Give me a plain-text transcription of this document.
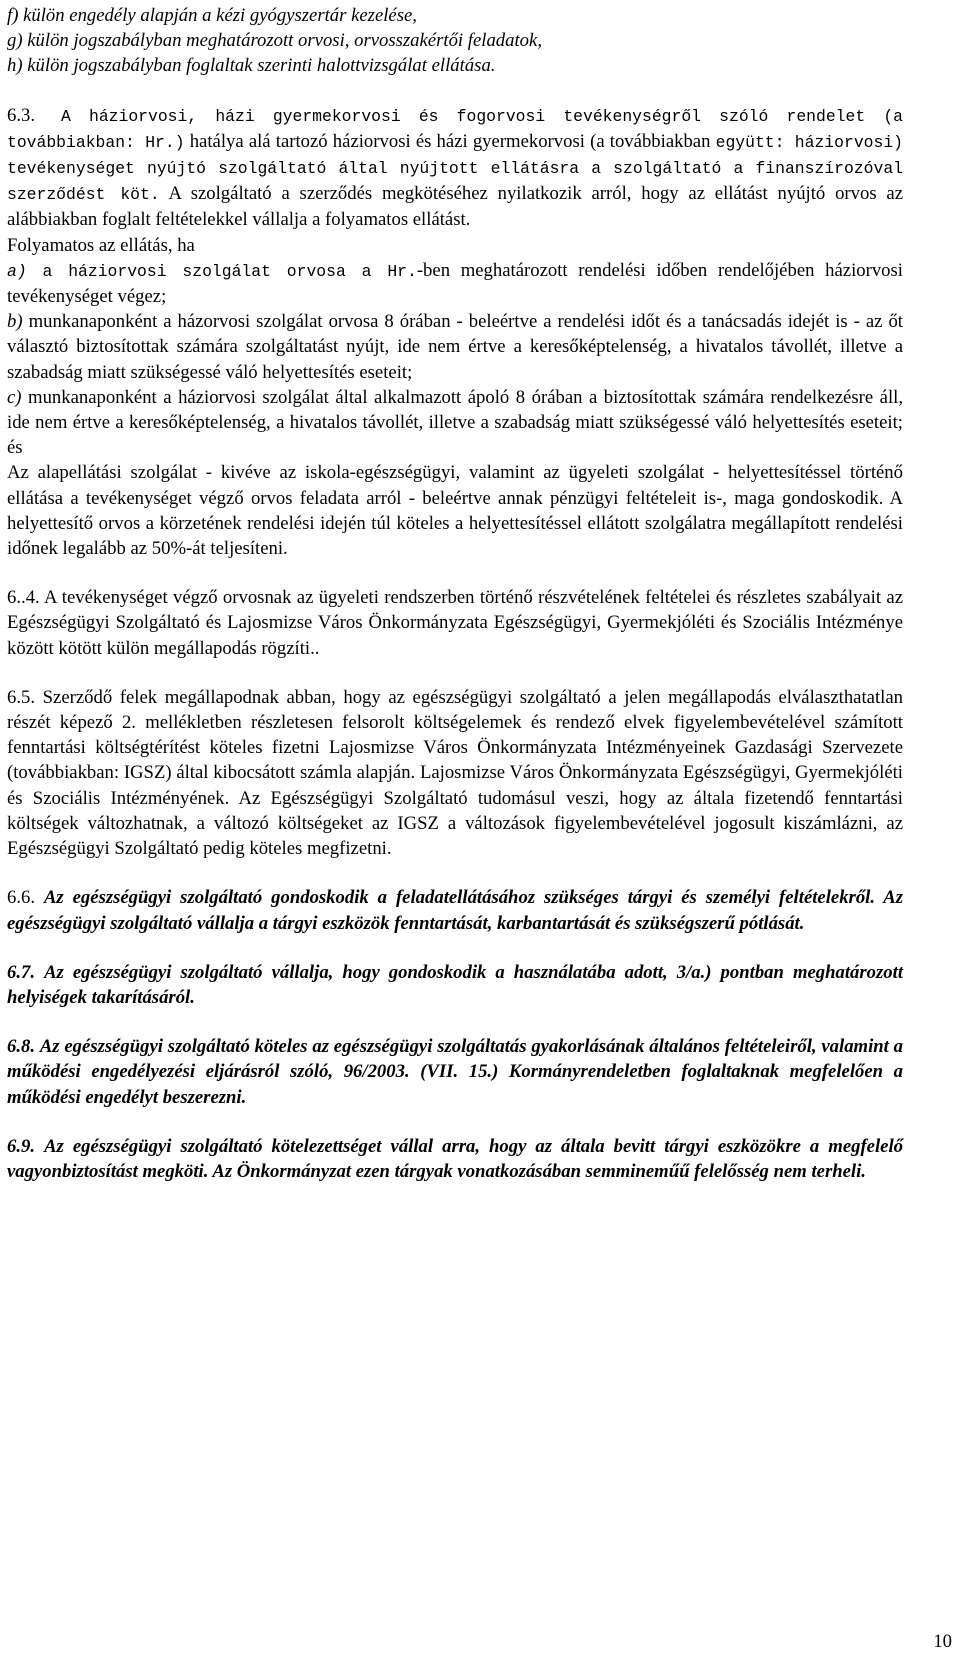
f) külön engedély alapján a kézi gyógyszertár kezelése,

g) külön jogszabályban meghatározott orvosi, orvosszakértői feladatok,

h) külön jogszabályban foglaltak szerinti halottvizsgálat ellátása.

6.3. A háziorvosi, házi gyermekorvosi és fogorvosi tevékenységről szóló rendelet (a továbbiakban: Hr.) hatálya alá tartozó háziorvosi és házi gyermekorvosi (a továbbiakban együtt: háziorvosi) tevékenységet nyújtó szolgáltató által nyújtott ellátásra a szolgáltató a finanszírozóval szerződést köt. A szolgáltató a szerződés megkötéséhez nyilatkozik arról, hogy az ellátást nyújtó orvos az alábbiakban foglalt feltételekkel vállalja a folyamatos ellátást.
Folyamatos az ellátás, ha
a) a háziorvosi szolgálat orvosa a Hr.-ben meghatározott rendelési időben rendelőjében háziorvosi tevékenységet végez;
b) munkanaponként a házorvosi szolgálat orvosa 8 órában - beleértve a rendelési időt és a tanácsadás idejét is - az őt választó biztosítottak számára szolgáltatást nyújt, ide nem értve a keresőképtelenség, a hivatalos távollét, illetve a szabadság miatt szükségessé váló helyettesítés eseteit;
c) munkanaponként a háziorvosi szolgálat által alkalmazott ápoló 8 órában a biztosítottak számára rendelkezésre áll, ide nem értve a keresőképtelenség, a hivatalos távollét, illetve a szabadság miatt szükségessé váló helyettesítés eseteit; és
Az alapellátási szolgálat - kivéve az iskola-egészségügyi, valamint az ügyeleti szolgálat - helyettesítéssel történő ellátása a tevékenységet végző orvos feladata arról - beleértve annak pénzügyi feltételeit is-, maga gondoskodik. A helyettesítő orvos a körzetének rendelési idején túl köteles a helyettesítéssel ellátott szolgálatra megállapított rendelési időnek legalább az 50%-át teljesíteni.

6..4. A tevékenységet végző orvosnak az ügyeleti rendszerben történő részvételének feltételei és részletes szabályait az Egészségügyi Szolgáltató és Lajosmizse Város Önkormányzata Egészségügyi, Gyermekjóléti és Szociális Intézménye között kötött külön megállapodás rögzíti..

6.5. Szerződő felek megállapodnak abban, hogy az egészségügyi szolgáltató a jelen megállapodás elválaszthatatlan részét képező 2. mellékletben részletesen felsorolt költségelemek és rendező elvek figyelembevételével számított fenntartási költségtérítést köteles fizetni Lajosmizse Város Önkormányzata Intézményeinek Gazdasági Szervezete (továbbiakban: IGSZ) által kibocsátott számla alapján. Lajosmizse Város Önkormányzata Egészségügyi, Gyermekjóléti és Szociális Intézményének. Az Egészségügyi Szolgáltató tudomásul veszi, hogy az általa fizetendő fenntartási költségek változhatnak, a változó költségeket az IGSZ a változások figyelembevételével jogosult kiszámlázni, az Egészségügyi Szolgáltató pedig köteles megfizetni.

6.6. Az egészségügyi szolgáltató gondoskodik a feladatellátásához szükséges tárgyi és személyi feltételekről. Az egészségügyi szolgáltató vállalja a tárgyi eszközök fenntartását, karbantartását és szükségszerű pótlását.

6.7. Az egészségügyi szolgáltató vállalja, hogy gondoskodik a használatába adott, 3/a.) pontban meghatározott helyiségek takarításáról.

6.8. Az egészségügyi szolgáltató köteles az egészségügyi szolgáltatás gyakorlásának általános feltételeiről, valamint a működési engedélyezési eljárásról szóló, 96/2003. (VII. 15.) Kormányrendeletben foglaltaknak megfelelően a működési engedélyt beszerezni.

6.9. Az egészségügyi szolgáltató kötelezettséget vállal arra, hogy az általa bevitt tárgyi eszközökre a megfelelő vagyonbiztosítást megköti. Az Önkormányzat ezen tárgyak vonatkozásában semmineműű felelősség nem terheli.

10
